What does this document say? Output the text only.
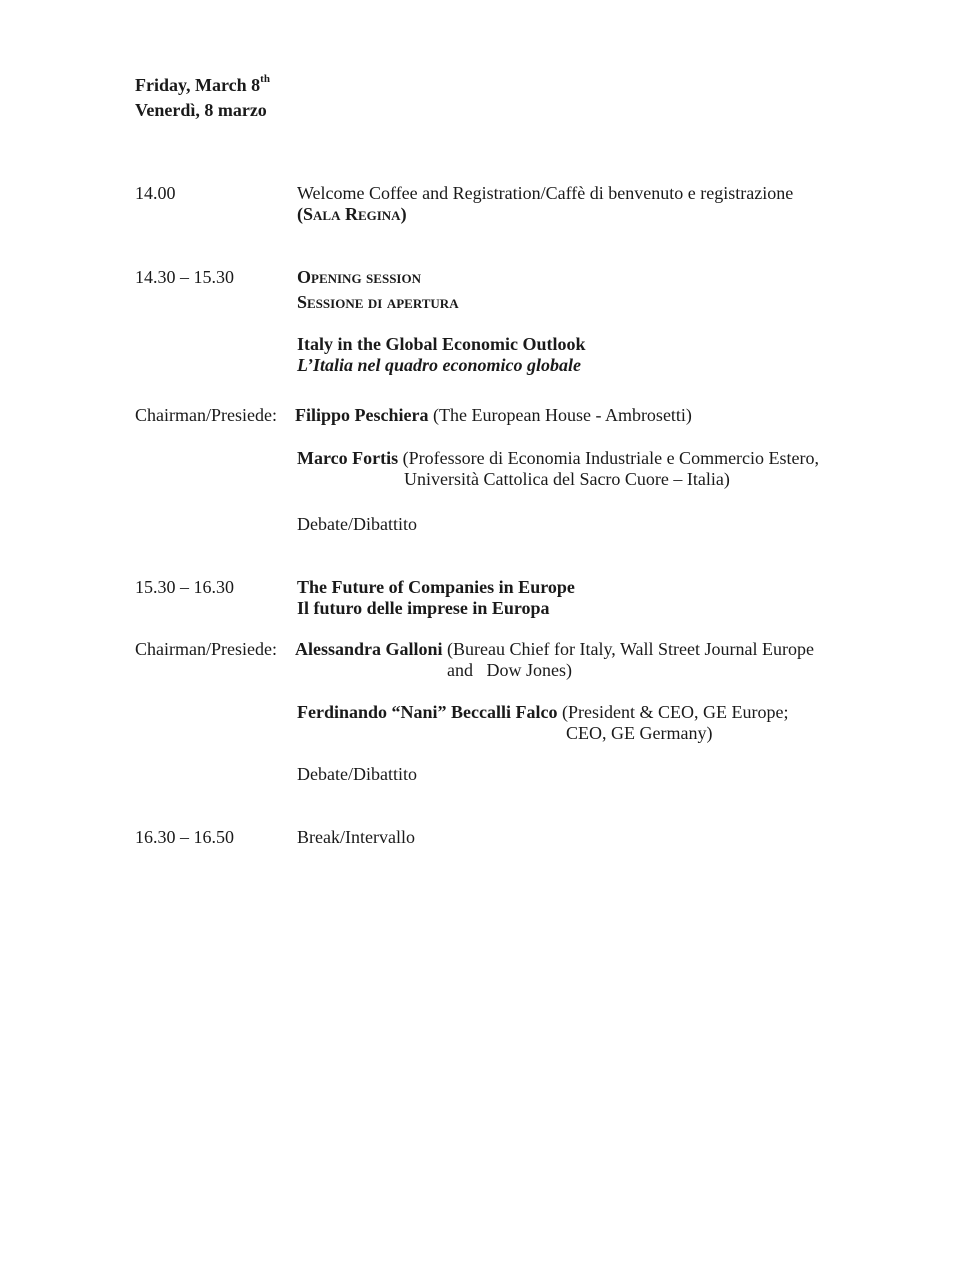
Friday, March 8th
Venerdì, 8 marzo
14.00	Welcome Coffee and Registration/Caffè di benvenuto e registrazione
(Sala Regina)
14.30 – 15.30	Opening session
Sessione di apertura
Italy in the Global Economic Outlook
L’Italia nel quadro economico globale
Chairman/Presiede: Filippo Peschiera (The European House - Ambrosetti)
Marco Fortis (Professore di Economia Industriale e Commercio Estero,
Università Cattolica del Sacro Cuore – Italia)
Debate/Dibattito
15.30 – 16.30	The Future of Companies in Europe
Il futuro delle imprese in Europa
Chairman/Presiede: Alessandra Galloni (Bureau Chief for Italy, Wall Street Journal Europe
and   Dow Jones)
Ferdinando “Nani” Beccalli Falco (President & CEO, GE Europe;
CEO, GE Germany)
Debate/Dibattito
16.30 – 16.50	Break/Intervallo
